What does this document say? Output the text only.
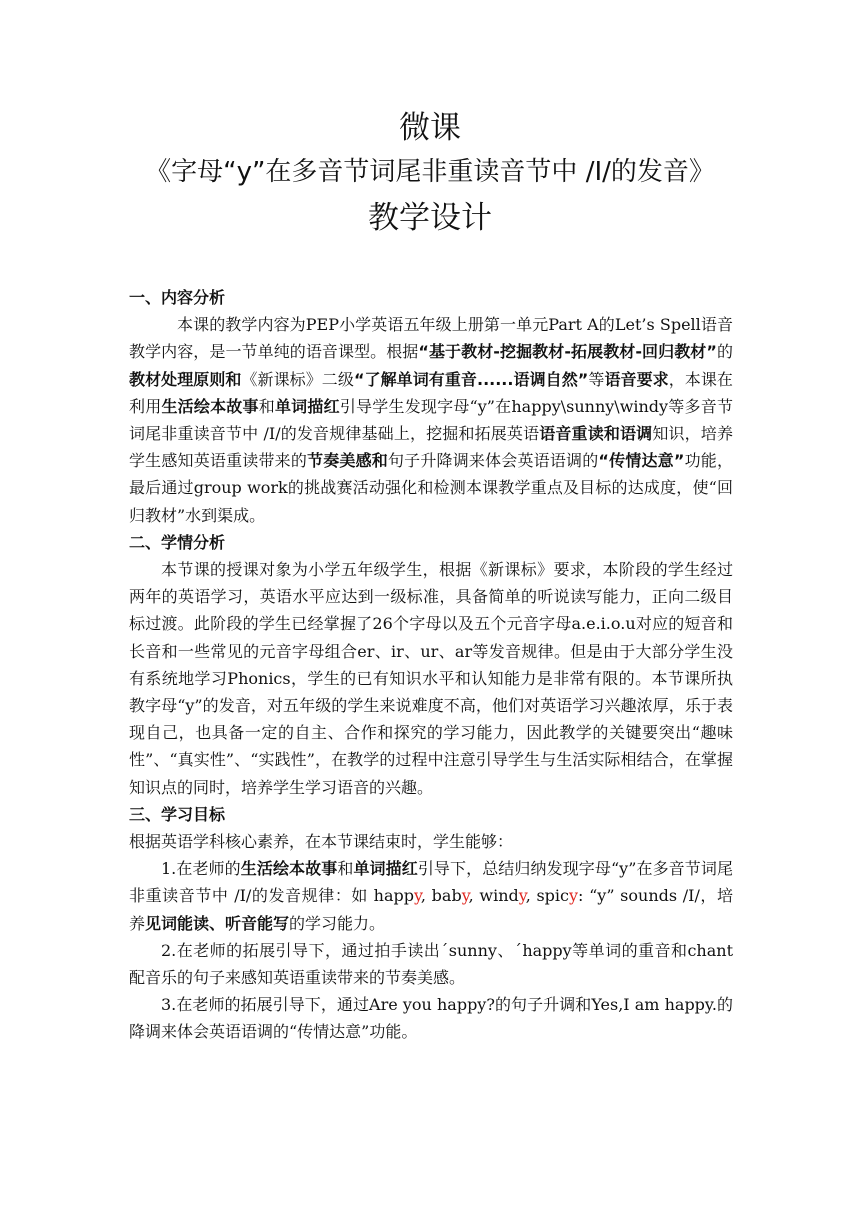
微课
《字母“y”在多音节词尾非重读音节中 /I/的发音》
教学设计

一、内容分析

本课的教学内容为PEP小学英语五年级上册第一单元Part A的Let’s Spell语音教学内容，是一节单纯的语音课型。根据“基于教材-挖掘教材-拓展教材-回归教材”的教材处理原则和《新课标》二级“了解单词有重音......语调自然”等语音要求，本课在利用生活绘本故事和单词描红引导学生发现字母“y”在happy\sunny\windy等多音节词尾非重读音节中 /I/的发音规律基础上，挖掘和拓展英语语音重读和语调知识，培养学生感知英语重读带来的节奏美感和句子升降调来体会英语语调的“传情达意”功能，最后通过group work的挑战赛活动强化和检测本课教学重点及目标的达成度，使“回归教材”水到渠成。

二、学情分析

本节课的授课对象为小学五年级学生，根据《新课标》要求，本阶段的学生经过两年的英语学习，英语水平应达到一级标准，具备简单的听说读写能力，正向二级目标过渡。此阶段的学生已经掌握了26个字母以及五个元音字母a.e.i.o.u对应的短音和长音和一些常见的元音字母组合er、ir、ur、ar等发音规律。但是由于大部分学生没有系统地学习Phonics，学生的已有知识水平和认知能力是非常有限的。本节课所执教字母“y”的发音，对五年级的学生来说难度不高，他们对英语学习兴趣浓厚，乐于表现自己，也具备一定的自主、合作和探究的学习能力，因此教学的关键要突出“趣味性”、“真实性”、“实践性”，在教学的过程中注意引导学生与生活实际相结合，在掌握知识点的同时，培养学生学习语音的兴趣。

三、学习目标

根据英语学科核心素养，在本节课结束时，学生能够：

1.在老师的生活绘本故事和单词描红引导下，总结归纳发现字母“y”在多音节词尾非重读音节中 /I/的发音规律：如 happy, baby, windy, spicy: “y” sounds /I/，培养见词能读、听音能写的学习能力。

2.在老师的拓展引导下，通过拍手读出ˊsunny、ˊhappy等单词的重音和chant配音乐的句子来感知英语重读带来的节奏美感。

3.在老师的拓展引导下，通过Are you happy?的句子升调和Yes,I am happy.的降调来体会英语语调的“传情达意”功能。
